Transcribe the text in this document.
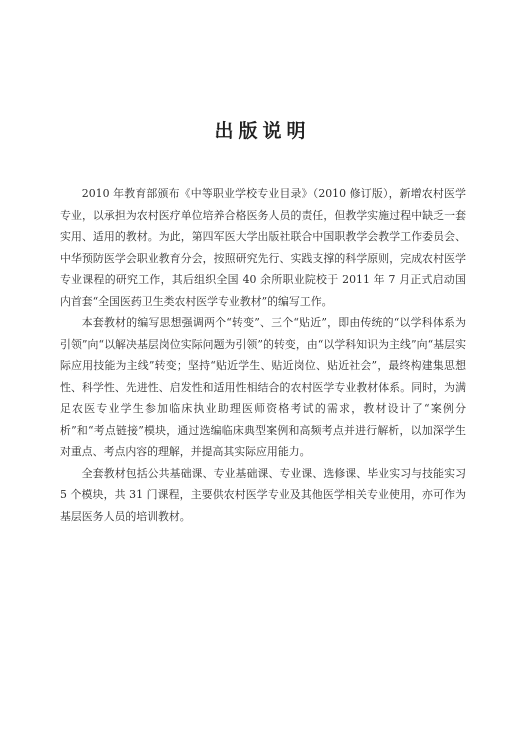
出版说明

2010 年教育部颁布《中等职业学校专业目录》（2010 修订版），新增农村医学专业，以承担为农村医疗单位培养合格医务人员的责任，但教学实施过程中缺乏一套实用、适用的教材。为此，第四军医大学出版社联合中国职教学会教学工作委员会、中华预防医学会职业教育分会，按照研究先行、实践支撑的科学原则，完成农村医学专业课程的研究工作，其后组织全国 40 余所职业院校于 2011 年 7 月正式启动国内首套“全国医药卫生类农村医学专业教材”的编写工作。

本套教材的编写思想强调两个“转变”、三个“贴近”，即由传统的“以学科体系为引领”向“以解决基层岗位实际问题为引领”的转变，由“以学科知识为主线”向“基层实际应用技能为主线”转变；坚持“贴近学生、贴近岗位、贴近社会”，最终构建集思想性、科学性、先进性、启发性和适用性相结合的农村医学专业教材体系。同时，为满足农医专业学生参加临床执业助理医师资格考试的需求，教材设计了“案例分析”和“考点链接”模块，通过选编临床典型案例和高频考点并进行解析，以加深学生对重点、考点内容的理解，并提高其实际应用能力。

全套教材包括公共基础课、专业基础课、专业课、选修课、毕业实习与技能实习 5 个模块，共 31 门课程，主要供农村医学专业及其他医学相关专业使用，亦可作为基层医务人员的培训教材。
